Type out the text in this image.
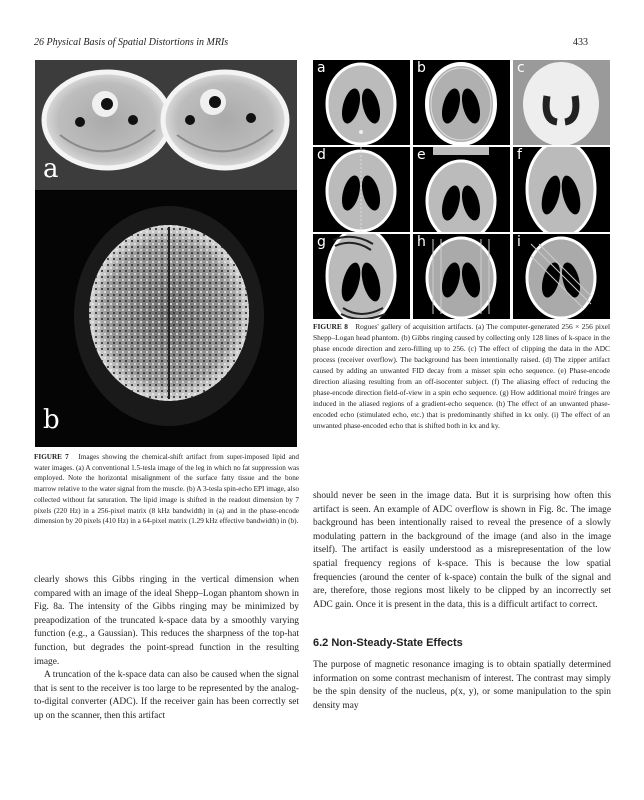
26 Physical Basis of Spatial Distortions in MRIs	433
a
b
a	b	c
d	e	f
g	h	i
FIGURE 8 Rogues' gallery of acquisition artifacts. (a) The computer-generated 256 × 256 pixel Shepp–Logan head phantom. (b) Gibbs ringing caused by collecting only 128 lines of k-space in the phase encode direction and zero-filling up to 256. (c) The effect of clipping the data in the ADC process (receiver overflow). The background has been intentionally raised. (d) The zipper artifact caused by adding an unwanted FID decay from a misset spin echo sequence. (e) Phase-encode direction aliasing resulting from an off-isocenter subject. (f) The aliasing effect of reducing the phase-encode direction field-of-view in a spin echo sequence. (g) How additional moiré fringes are induced in the aliased regions of a gradient-echo sequence. (h) The effect of an unwanted phase-encoded echo (stimulated echo, etc.) that is predominantly shifted in kx only. (i) The effect of an unwanted phase-encoded echo that is shifted both in kx and ky.
FIGURE 7 Images showing the chemical-shift artifact from super-imposed lipid and water images. (a) A conventional 1.5-tesla image of the leg in which no fat suppression was employed. Note the horizontal misalignment of the surface fatty tissue and the bone marrow relative to the water signal from the muscle. (b) A 3-tesla spin-echo EPI image, also collected without fat saturation. The lipid image is shifted in the readout dimension by 7 pixels (220 Hz) in a 256-pixel matrix (8 kHz bandwidth) in (a) and in the phase-encode dimension by 20 pixels (410 Hz) in a 64-pixel matrix (1.29 kHz effective bandwidth) in (b).

clearly shows this Gibbs ringing in the vertical dimension when compared with an image of the ideal Shepp–Logan phantom shown in Fig. 8a. The intensity of the Gibbs ringing may be minimized by preapodization of the truncated k-space data by a smoothly varying function (e.g., a Gaussian). This reduces the sharpness of the top-hat function, but degrades the point-spread function in the resulting image.

A truncation of the k-space data can also be caused when the signal that is sent to the receiver is too large to be represented by the analog-to-digital converter (ADC). If the receiver gain has been correctly set up on the scanner, then this artifact

should never be seen in the image data. But it is surprising how often this artifact is seen. An example of ADC overflow is shown in Fig. 8c. The image background has been intentionally raised to reveal the presence of a slowly modulating pattern in the background of the image (and also in the image itself). The artifact is easily understood as a misrepresentation of the low spatial frequency regions of k-space. This is because the low spatial frequencies (around the center of k-space) contain the bulk of the signal and are, therefore, those regions most likely to be clipped by an incorrectly set ADC gain. Once it is present in the data, this is a difficult artifact to correct.

6.2 Non-Steady-State Effects

The purpose of magnetic resonance imaging is to obtain spatially determined information on some contrast mechanism of interest. The contrast may simply be the spin density of the nucleus, ρ(x, y), or some manipulation to the spin density may
